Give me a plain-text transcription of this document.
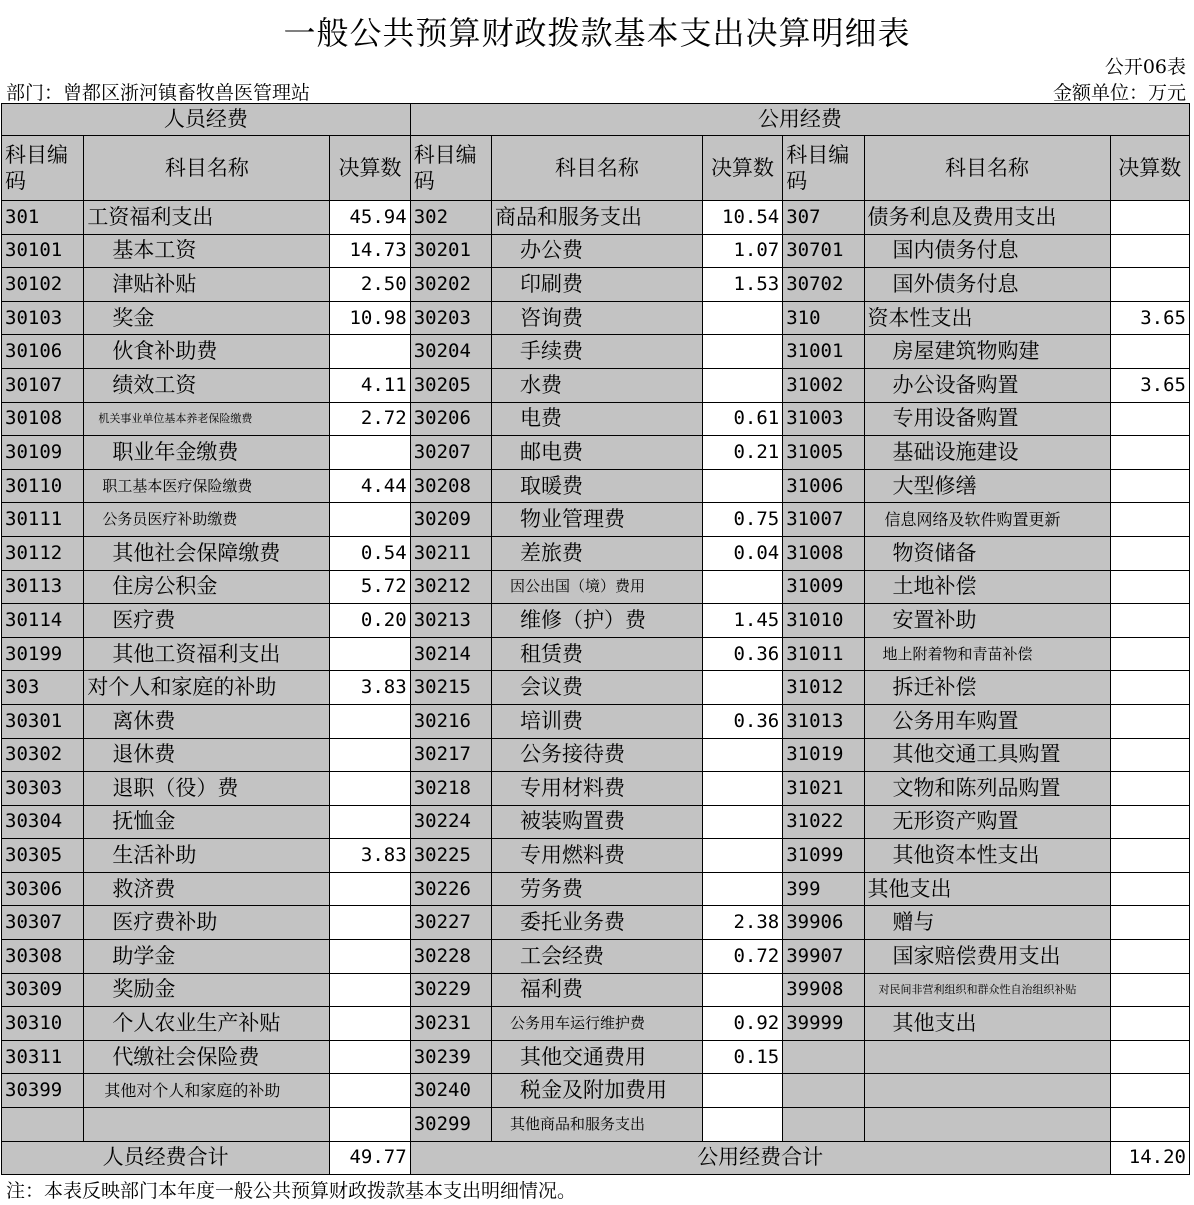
一般公共预算财政拨款基本支出决算明细表
公开06表
部门：曾都区浙河镇畜牧兽医管理站	金额单位：万元
人员经费			公用经费					
科目编码	科目名称	决算数	科目编码	科目名称	决算数	科目编码	科目名称	决算数
301	工资福利支出	45.94	302	商品和服务支出	10.54	307	债务利息及费用支出	
30101	基本工资	14.73	30201	办公费	1.07	30701	国内债务付息	
30102	津贴补贴	2.50	30202	印刷费	1.53	30702	国外债务付息	
30103	奖金	10.98	30203	咨询费		310	资本性支出	3.65
30106	伙食补助费		30204	手续费		31001	房屋建筑物购建	
30107	绩效工资	4.11	30205	水费		31002	办公设备购置	3.65
30108	机关事业单位基本养老保险缴费	2.72	30206	电费	0.61	31003	专用设备购置	
30109	职业年金缴费		30207	邮电费	0.21	31005	基础设施建设	
30110	职工基本医疗保险缴费	4.44	30208	取暖费		31006	大型修缮	
30111	公务员医疗补助缴费		30209	物业管理费	0.75	31007	信息网络及软件购置更新	
30112	其他社会保障缴费	0.54	30211	差旅费	0.04	31008	物资储备	
30113	住房公积金	5.72	30212	因公出国（境）费用		31009	土地补偿	
30114	医疗费	0.20	30213	维修（护）费	1.45	31010	安置补助	
30199	其他工资福利支出		30214	租赁费	0.36	31011	地上附着物和青苗补偿	
303	对个人和家庭的补助	3.83	30215	会议费		31012	拆迁补偿	
30301	离休费		30216	培训费	0.36	31013	公务用车购置	
30302	退休费		30217	公务接待费		31019	其他交通工具购置	
30303	退职（役）费		30218	专用材料费		31021	文物和陈列品购置	
30304	抚恤金		30224	被装购置费		31022	无形资产购置	
30305	生活补助	3.83	30225	专用燃料费		31099	其他资本性支出	
30306	救济费		30226	劳务费		399	其他支出	
30307	医疗费补助		30227	委托业务费	2.38	39906	赠与	
30308	助学金		30228	工会经费	0.72	39907	国家赔偿费用支出	
30309	奖励金		30229	福利费		39908	对民间非营利组织和群众性自治组织补贴	
30310	个人农业生产补贴		30231	公务用车运行维护费	0.92	39999	其他支出	
30311	代缴社会保险费		30239	其他交通费用	0.15			
30399	其他对个人和家庭的补助		30240	税金及附加费用				
			30299	其他商品和服务支出				
人员经费合计		49.77	公用经费合计					14.20
注：本表反映部门本年度一般公共预算财政拨款基本支出明细情况。
